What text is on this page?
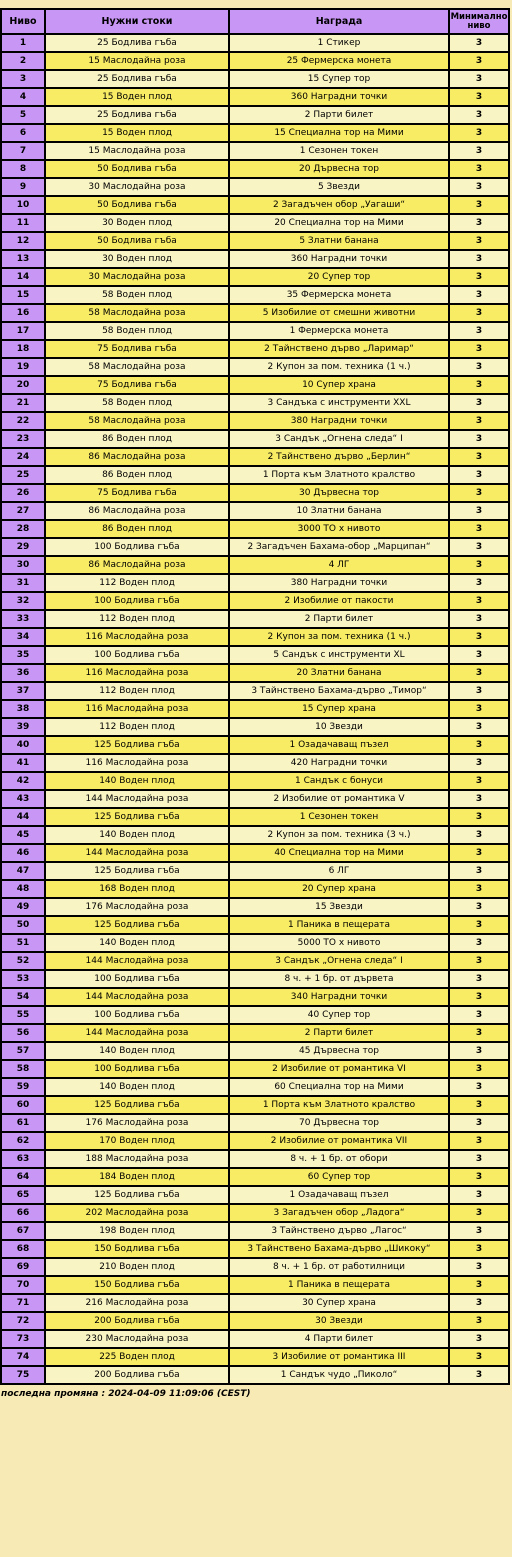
Ниво	Нужни стоки	Награда	Минимално ниво
1	25 Бодлива гъба	1 Стикер	3
2	15 Маслодайна роза	25 Фермерска монета	3
3	25 Бодлива гъба	15 Супер тор	3
4	15 Воден плод	360 Наградни точки	3
5	25 Бодлива гъба	2 Парти билет	3
6	15 Воден плод	15 Специална тор на Мими	3
7	15 Маслодайна роза	1 Сезонен токен	3
8	50 Бодлива гъба	20 Дървесна тор	3
9	30 Маслодайна роза	5 Звезди	3
10	50 Бодлива гъба	2 Загадъчен обор „Уагаши“	3
11	30 Воден плод	20 Специална тор на Мими	3
12	50 Бодлива гъба	5 Златни банана	3
13	30 Воден плод	360 Наградни точки	3
14	30 Маслодайна роза	20 Супер тор	3
15	58 Воден плод	35 Фермерска монета	3
16	58 Маслодайна роза	5 Изобилие от смешни животни	3
17	58 Воден плод	1 Фермерска монета	3
18	75 Бодлива гъба	2 Тайнствено дърво „Ларимар“	3
19	58 Маслодайна роза	2 Купон за пом. техника (1 ч.)	3
20	75 Бодлива гъба	10 Супер храна	3
21	58 Воден плод	3 Сандъка с инструменти XXL	3
22	58 Маслодайна роза	380 Наградни точки	3
23	86 Воден плод	3 Сандък „Огнена следа“ I	3
24	86 Маслодайна роза	2 Тайнствено дърво „Берлин“	3
25	86 Воден плод	1 Порта към Златното кралство	3
26	75 Бодлива гъба	30 Дървесна тор	3
27	86 Маслодайна роза	10 Златни банана	3
28	86 Воден плод	3000 ТО х нивото	3
29	100 Бодлива гъба	2 Загадъчен Бахама-обор „Марципан“	3
30	86 Маслодайна роза	4 ЛГ	3
31	112 Воден плод	380 Наградни точки	3
32	100 Бодлива гъба	2 Изобилие от пакости	3
33	112 Воден плод	2 Парти билет	3
34	116 Маслодайна роза	2 Купон за пом. техника (1 ч.)	3
35	100 Бодлива гъба	5 Сандък с инструменти XL	3
36	116 Маслодайна роза	20 Златни банана	3
37	112 Воден плод	3 Тайнствено Бахама-дърво „Тимор“	3
38	116 Маслодайна роза	15 Супер храна	3
39	112 Воден плод	10 Звезди	3
40	125 Бодлива гъба	1 Озадачаващ пъзел	3
41	116 Маслодайна роза	420 Наградни точки	3
42	140 Воден плод	1 Сандък с бонуси	3
43	144 Маслодайна роза	2 Изобилие от романтика V	3
44	125 Бодлива гъба	1 Сезонен токен	3
45	140 Воден плод	2 Купон за пом. техника (3 ч.)	3
46	144 Маслодайна роза	40 Специална тор на Мими	3
47	125 Бодлива гъба	6 ЛГ	3
48	168 Воден плод	20 Супер храна	3
49	176 Маслодайна роза	15 Звезди	3
50	125 Бодлива гъба	1 Паника в пещерата	3
51	140 Воден плод	5000 ТО х нивото	3
52	144 Маслодайна роза	3 Сандък „Огнена следа“ I	3
53	100 Бодлива гъба	8 ч. + 1 бр. от дърветa	3
54	144 Маслодайна роза	340 Наградни точки	3
55	100 Бодлива гъба	40 Супер тор	3
56	144 Маслодайна роза	2 Парти билет	3
57	140 Воден плод	45 Дървесна тор	3
58	100 Бодлива гъба	2 Изобилие от романтика VI	3
59	140 Воден плод	60 Специална тор на Мими	3
60	125 Бодлива гъба	1 Порта към Златното кралство	3
61	176 Маслодайна роза	70 Дървесна тор	3
62	170 Воден плод	2 Изобилие от романтика VII	3
63	188 Маслодайна роза	8 ч. + 1 бр. от обори	3
64	184 Воден плод	60 Супер тор	3
65	125 Бодлива гъба	1 Озадачаващ пъзел	3
66	202 Маслодайна роза	3 Загадъчен обор „Ладога“	3
67	198 Воден плод	3 Тайнствено дърво „Лагос“	3
68	150 Бодлива гъба	3 Тайнствено Бахама-дърво „Шикоку“	3
69	210 Воден плод	8 ч. + 1 бр. от работилници	3
70	150 Бодлива гъба	1 Паника в пещерата	3
71	216 Маслодайна роза	30 Супер храна	3
72	200 Бодлива гъба	30 Звезди	3
73	230 Маслодайна роза	4 Парти билет	3
74	225 Воден плод	3 Изобилие от романтика III	3
75	200 Бодлива гъба	1 Сандък чудо „Пиколо“	3
последна промяна : 2024-04-09 11:09:06 (CEST)
